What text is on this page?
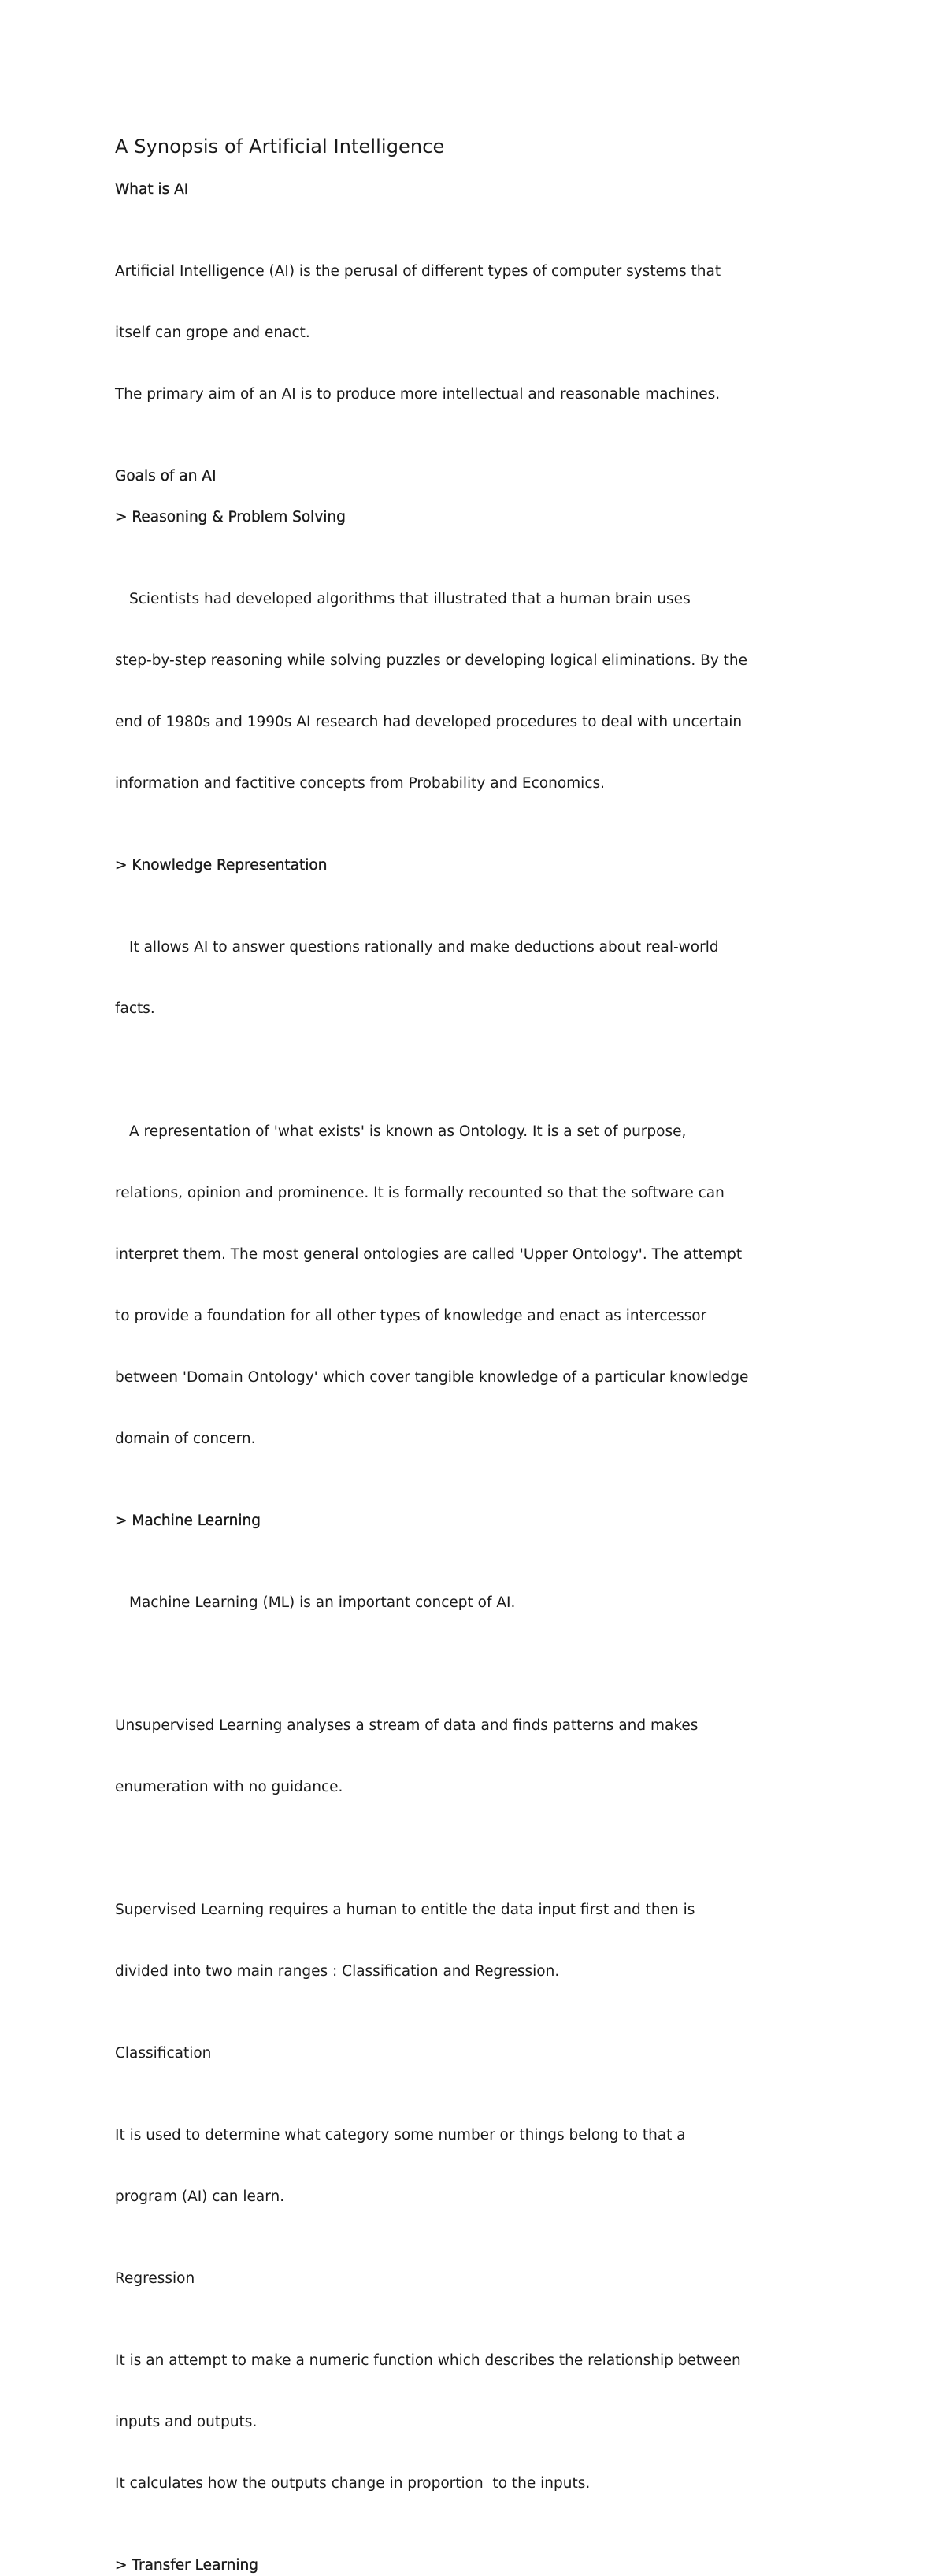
A Synopsis of Artificial Intelligence
What is AI

Artificial Intelligence (AI) is the perusal of different types of computer systems that

itself can grope and enact.

The primary aim of an AI is to produce more intellectual and reasonable machines.

Goals of an AI
> Reasoning & Problem Solving

Scientists had developed algorithms that illustrated that a human brain uses

step-by-step reasoning while solving puzzles or developing logical eliminations. By the

end of 1980s and 1990s AI research had developed procedures to deal with uncertain

information and factitive concepts from Probability and Economics.

> Knowledge Representation

It allows AI to answer questions rationally and make deductions about real-world

facts.

A representation of 'what exists' is known as Ontology. It is a set of purpose,

relations, opinion and prominence. It is formally recounted so that the software can

interpret them. The most general ontologies are called 'Upper Ontology'. The attempt

to provide a foundation for all other types of knowledge and enact as intercessor

between 'Domain Ontology' which cover tangible knowledge of a particular knowledge

domain of concern.

> Machine Learning

Machine Learning (ML) is an important concept of AI.

Unsupervised Learning analyses a stream of data and finds patterns and makes

enumeration with no guidance.

Supervised Learning requires a human to entitle the data input first and then is

divided into two main ranges : Classification and Regression.

Classification

It is used to determine what category some number or things belong to that a

program (AI) can learn.

Regression

It is an attempt to make a numeric function which describes the relationship between

inputs and outputs.

It calculates how the outputs change in proportion  to the inputs.

> Transfer Learning
